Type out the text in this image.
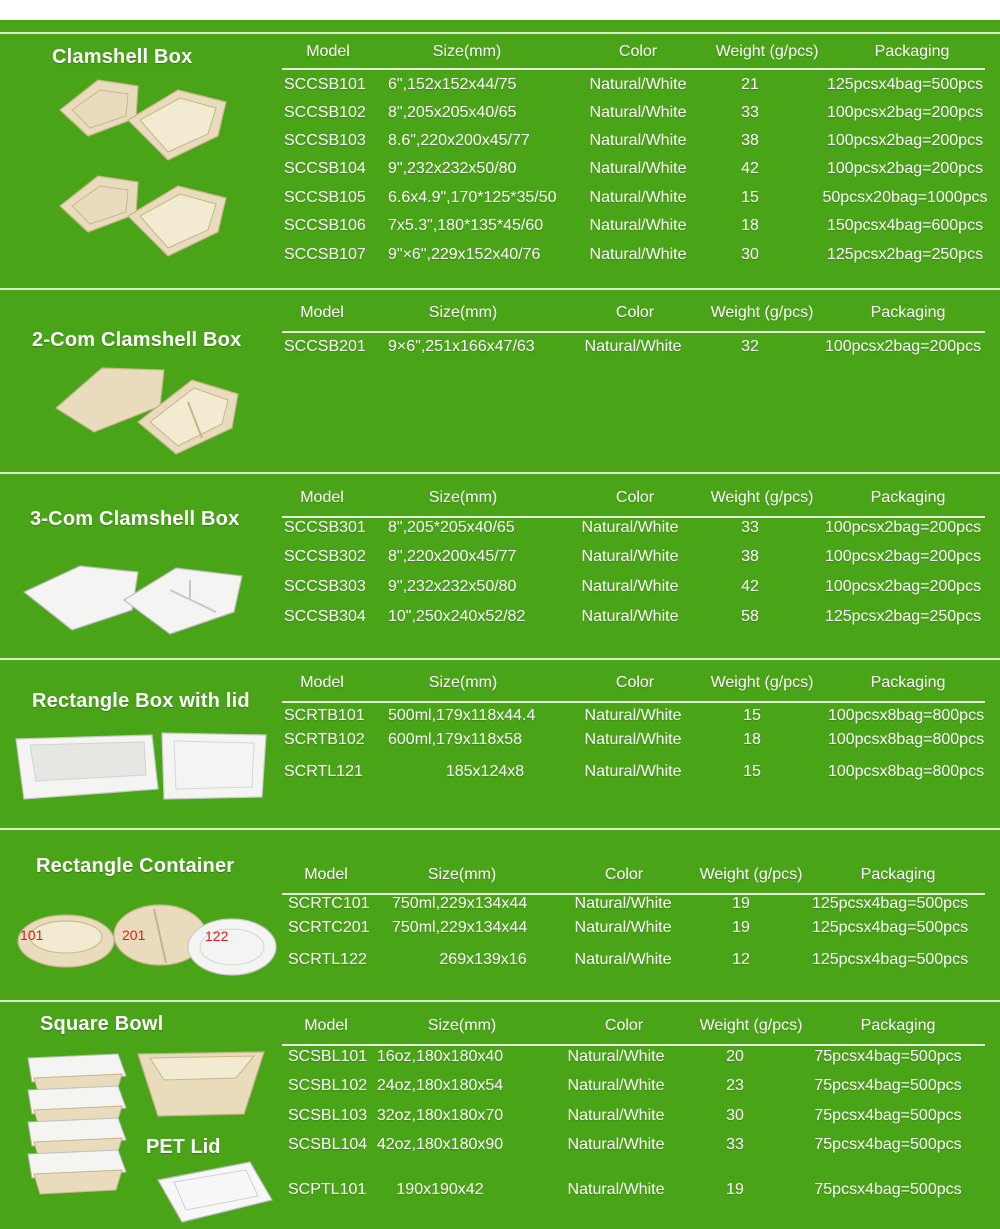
Clamshell Box	Model	Size(mm)	Color	Weight (g/pcs)	Packaging
SCCSB101 6",152x152x44/75	Natural/White	21	125pcsx4bag=500pcs
SCCSB102 8",205x205x40/65	Natural/White	33	100pcsx2bag=200pcs
SCCSB103 8.6",220x200x45/77	Natural/White	38	100pcsx2bag=200pcs
SCCSB104 9",232x232x50/80	Natural/White	42	100pcsx2bag=200pcs
SCCSB105 6.6x4.9",170*125*35/50 Natural/White	15	50pcsx20bag=1000pcs
SCCSB106 7x5.3",180*135*45/60	Natural/White	18	150pcsx4bag=600pcs
SCCSB107 9"×6",229x152x40/76	Natural/White	30	125pcsx2bag=250pcs
2-Com Clamshell Box
Model	Size(mm)	Color	Weight (g/pcs)	Packaging
SCCSB201 9×6",251x166x47/63	Natural/White	32	100pcsx2bag=200pcs
3-Com Clamshell Box
Model	Size(mm)	Color	Weight (g/pcs)	Packaging
SCCSB301 8",205*205x40/65	Natural/White	33	100pcsx2bag=200pcs
SCCSB302 8",220x200x45/77	Natural/White	38	100pcsx2bag=200pcs
SCCSB303 9",232x232x50/80	Natural/White	42	100pcsx2bag=200pcs
SCCSB304 10",250x240x52/82	Natural/White	58	125pcsx2bag=250pcs
Rectangle Box with lid
Model	Size(mm)	Color	Weight (g/pcs)	Packaging
SCRTB101 500ml,179x118x44.4	Natural/White	15	100pcsx8bag=800pcs
SCRTB102 600ml,179x118x58	Natural/White	18	100pcsx8bag=800pcs
SCRTL121	185x124x8	Natural/White	15	100pcsx8bag=800pcs
Rectangle Container	Model	Size(mm)	Color	Weight (g/pcs)	Packaging
SCRTC101 750ml,229x134x44	Natural/White	19	125pcsx4bag=500pcs
SCRTC201 750ml,229x134x44	Natural/White	19	125pcsx4bag=500pcs
SCRTL122	269x139x16	Natural/White	12	125pcsx4bag=500pcs
101	201	122
Square Bowl	Model	Size(mm)	Color	Weight (g/pcs)	Packaging
SCSBL101 16oz,180x180x40	Natural/White	20	75pcsx4bag=500pcs
SCSBL102 24oz,180x180x54	Natural/White	23	75pcsx4bag=500pcs
SCSBL103 32oz,180x180x70	Natural/White	30	75pcsx4bag=500pcs
SCSBL104 42oz,180x180x90	Natural/White	33	75pcsx4bag=500pcs
SCPTL101 190x190x42	Natural/White	19	75pcsx4bag=500pcs
PET Lid
